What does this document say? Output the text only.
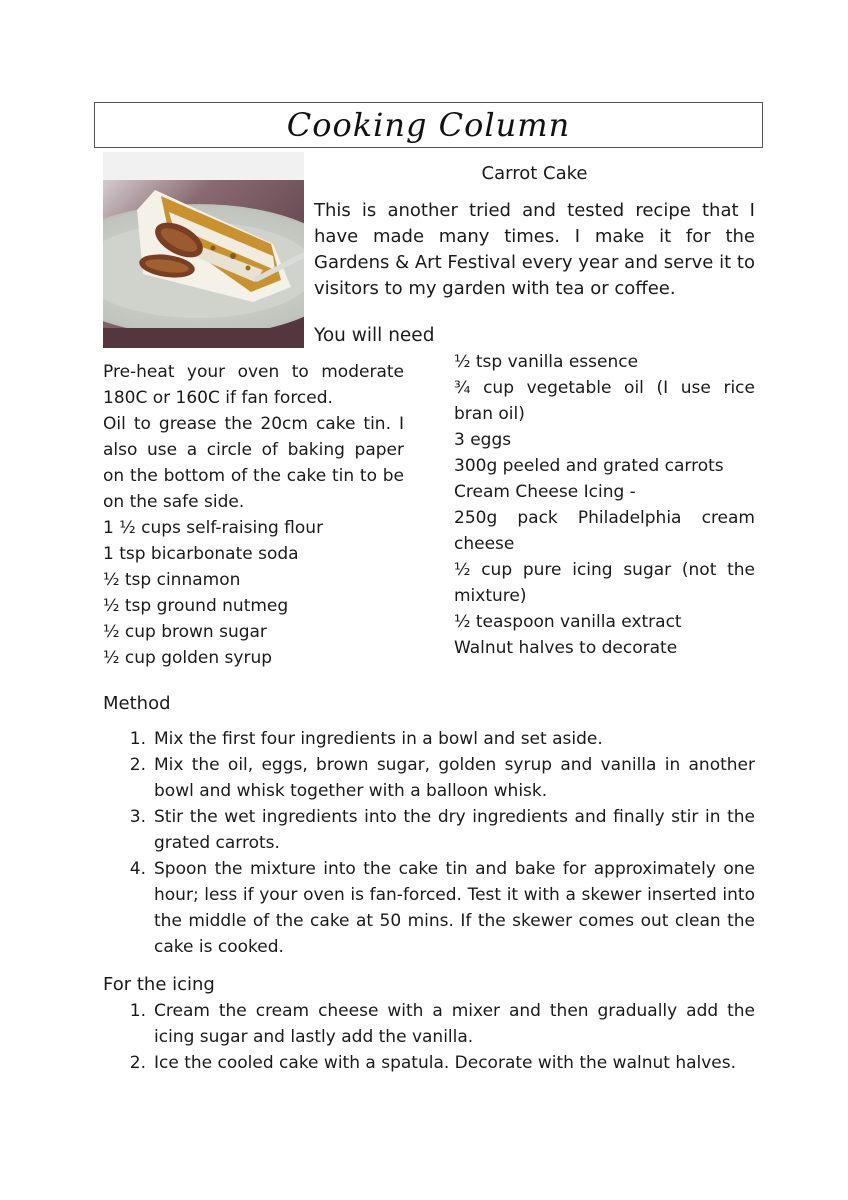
Cooking Column
Carrot Cake

This is another tried and tested recipe that I have made many times. I make it for the Gardens & Art Festival every year and serve it to visitors to my garden with tea or coffee.

You will need
Pre-heat your oven to moderate 180C or 160C if fan forced.
Oil to grease the 20cm cake tin. I also use a circle of baking paper on the bottom of the cake tin to be on the safe side.
1 ½ cups self-raising flour
1 tsp bicarbonate soda
½ tsp cinnamon
½ tsp ground nutmeg
½ cup brown sugar
½ cup golden syrup
½ tsp vanilla essence
¾ cup vegetable oil (I use rice bran oil)
3 eggs
300g peeled and grated carrots
Cream Cheese Icing -
250g pack Philadelphia cream cheese
½ cup pure icing sugar (not the mixture)
½ teaspoon vanilla extract
Walnut halves to decorate
Method
1. Mix the first four ingredients in a bowl and set aside.
2. Mix the oil, eggs, brown sugar, golden syrup and vanilla in another bowl and whisk together with a balloon whisk.
3. Stir the wet ingredients into the dry ingredients and finally stir in the grated carrots.
4. Spoon the mixture into the cake tin and bake for approximately one hour; less if your oven is fan-forced. Test it with a skewer inserted into the middle of the cake at 50 mins. If the skewer comes out clean the cake is cooked.
For the icing
1. Cream the cream cheese with a mixer and then gradually add the icing sugar and lastly add the vanilla.
2. Ice the cooled cake with a spatula. Decorate with the walnut halves.
